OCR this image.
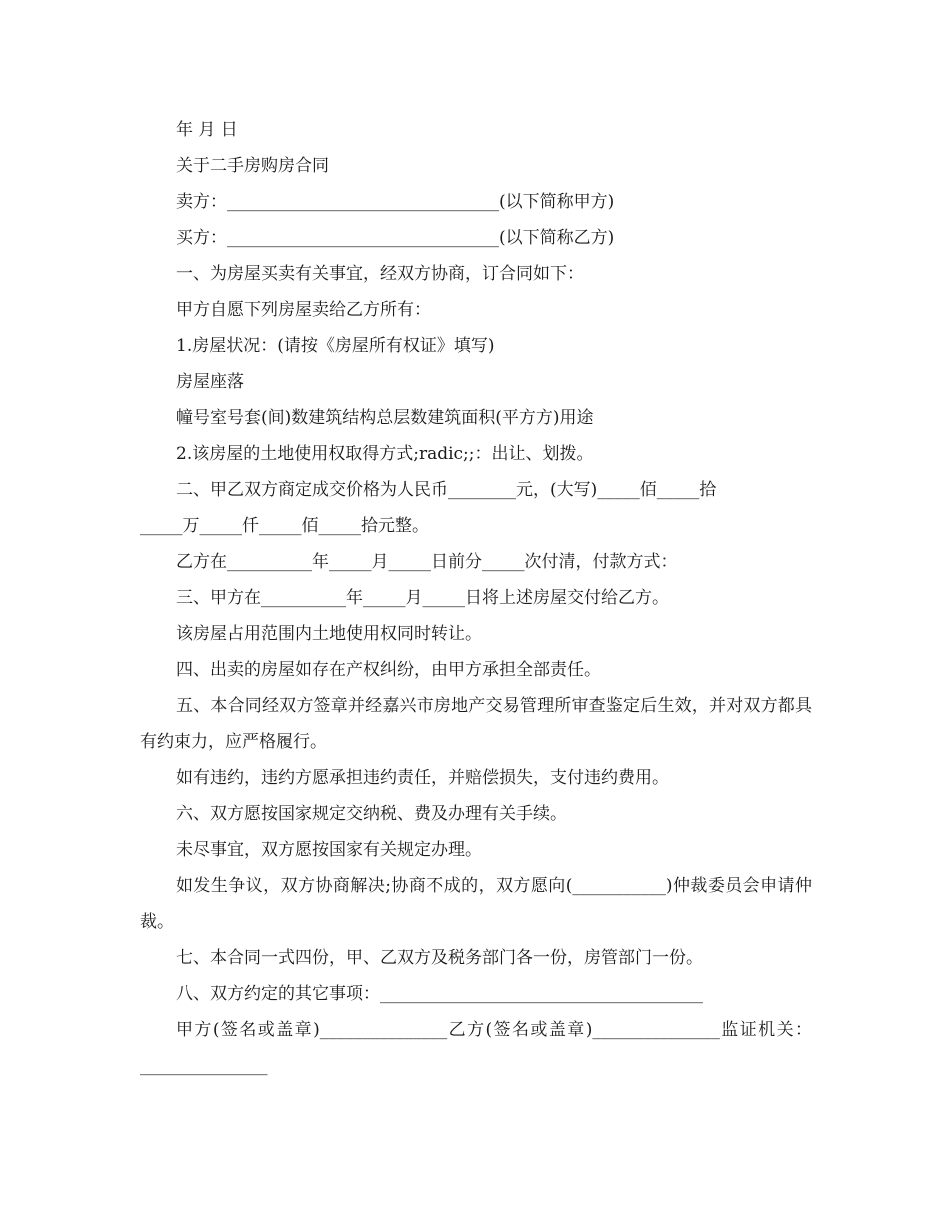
年 月 日
关于二手房购房合同
卖方：________________________________(以下简称甲方)
买方：________________________________(以下简称乙方)
一、为房屋买卖有关事宜，经双方协商，订合同如下：
甲方自愿下列房屋卖给乙方所有：
1.房屋状况：(请按《房屋所有权证》填写)
房屋座落
幢号室号套(间)数建筑结构总层数建筑面积(平方方)用途
2.该房屋的土地使用权取得方式;radic;;：出让、划拨。
二、甲乙双方商定成交价格为人民币________元，(大写)_____佰_____拾
_____万_____仟_____佰_____拾元整。
乙方在__________年_____月_____日前分_____次付清，付款方式：
三、甲方在__________年_____月_____日将上述房屋交付给乙方。
该房屋占用范围内土地使用权同时转让。
四、出卖的房屋如存在产权纠纷，由甲方承担全部责任。
五、本合同经双方签章并经嘉兴市房地产交易管理所审查鉴定后生效，并对双方都具有约束力，应严格履行。
如有违约，违约方愿承担违约责任，并赔偿损失，支付违约费用。
六、双方愿按国家规定交纳税、费及办理有关手续。
未尽事宜，双方愿按国家有关规定办理。
如发生争议，双方协商解决;协商不成的，双方愿向(___________)仲裁委员会申请仲裁。
七、本合同一式四份，甲、乙双方及税务部门各一份，房管部门一份。
八、双方约定的其它事项：______________________________________
甲方(签名或盖章)_______________乙方(签名或盖章)_______________监证机关：_______________
